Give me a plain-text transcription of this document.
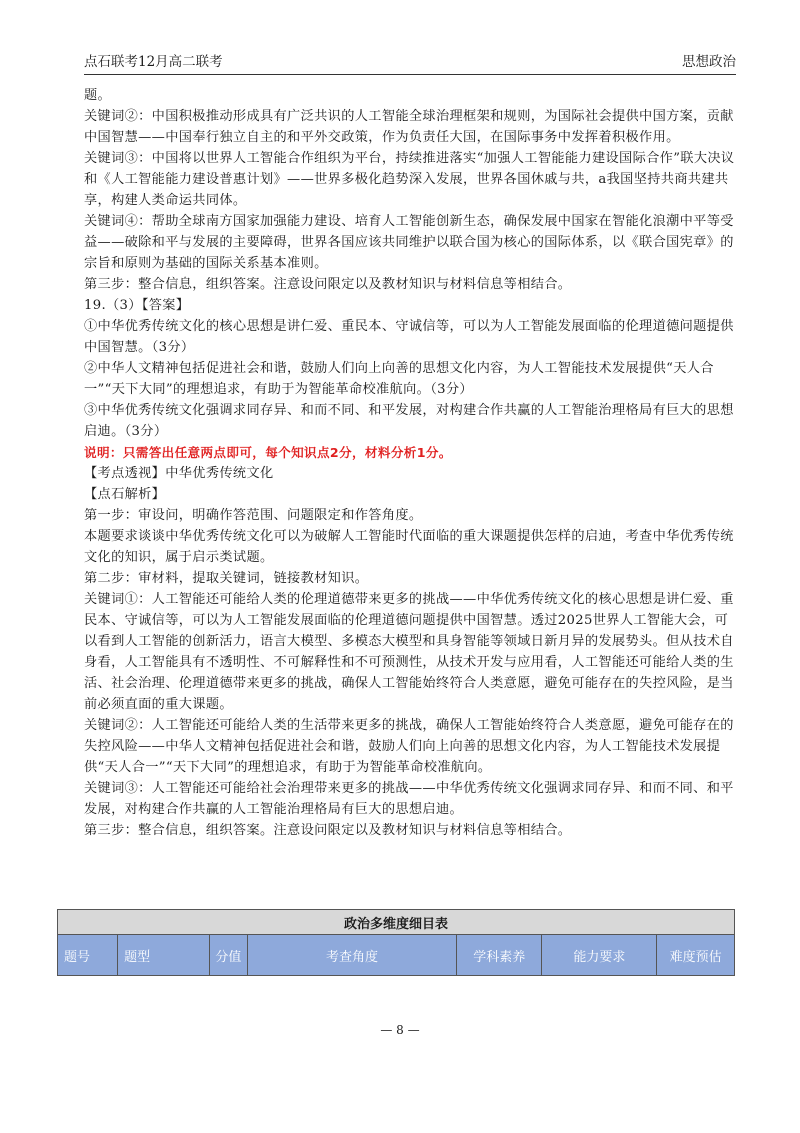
点石联考12月高二联考	思想政治

题。

关键词②：中国积极推动形成具有广泛共识的人工智能全球治理框架和规则，为国际社会提供中国方案，贡献中国智慧——中国奉行独立自主的和平外交政策，作为负责任大国，在国际事务中发挥着积极作用。

关键词③：中国将以世界人工智能合作组织为平台，持续推进落实“加强人工智能能力建设国际合作”联大决议和《人工智能能力建设普惠计划》——世界多极化趋势深入发展，世界各国休戚与共，a我国坚持共商共建共享，构建人类命运共同体。

关键词④：帮助全球南方国家加强能力建设、培育人工智能创新生态，确保发展中国家在智能化浪潮中平等受益——破除和平与发展的主要障碍，世界各国应该共同维护以联合国为核心的国际体系，以《联合国宪章》的宗旨和原则为基础的国际关系基本准则。

第三步：整合信息，组织答案。注意设问限定以及教材知识与材料信息等相结合。

19.（3）【答案】

①中华优秀传统文化的核心思想是讲仁爱、重民本、守诚信等，可以为人工智能发展面临的伦理道德问题提供中国智慧。（3分）

②中华人文精神包括促进社会和谐，鼓励人们向上向善的思想文化内容，为人工智能技术发展提供“天人合一”“天下大同”的理想追求，有助于为智能革命校准航向。（3分）

③中华优秀传统文化强调求同存异、和而不同、和平发展，对构建合作共赢的人工智能治理格局有巨大的思想启迪。（3分）

说明：只需答出任意两点即可，每个知识点2分，材料分析1分。

【考点透视】中华优秀传统文化

【点石解析】

第一步：审设问，明确作答范围、问题限定和作答角度。

本题要求谈谈中华优秀传统文化可以为破解人工智能时代面临的重大课题提供怎样的启迪，考查中华优秀传统文化的知识，属于启示类试题。

第二步：审材料，提取关键词，链接教材知识。

关键词①：人工智能还可能给人类的伦理道德带来更多的挑战——中华优秀传统文化的核心思想是讲仁爱、重民本、守诚信等，可以为人工智能发展面临的伦理道德问题提供中国智慧。透过2025世界人工智能大会，可以看到人工智能的创新活力，语言大模型、多模态大模型和具身智能等领域日新月异的发展势头。但从技术自身看，人工智能具有不透明性、不可解释性和不可预测性，从技术开发与应用看，人工智能还可能给人类的生活、社会治理、伦理道德带来更多的挑战，确保人工智能始终符合人类意愿，避免可能存在的失控风险，是当前必须直面的重大课题。

关键词②：人工智能还可能给人类的生活带来更多的挑战，确保人工智能始终符合人类意愿，避免可能存在的失控风险——中华人文精神包括促进社会和谐，鼓励人们向上向善的思想文化内容，为人工智能技术发展提供“天人合一”“天下大同”的理想追求，有助于为智能革命校准航向。

关键词③：人工智能还可能给社会治理带来更多的挑战——中华优秀传统文化强调求同存异、和而不同、和平发展，对构建合作共赢的人工智能治理格局有巨大的思想启迪。

第三步：整合信息，组织答案。注意设问限定以及教材知识与材料信息等相结合。

政治多维度细目表
题号	题型	分值	考查角度	学科素养	能力要求	难度预估
— 8 —
